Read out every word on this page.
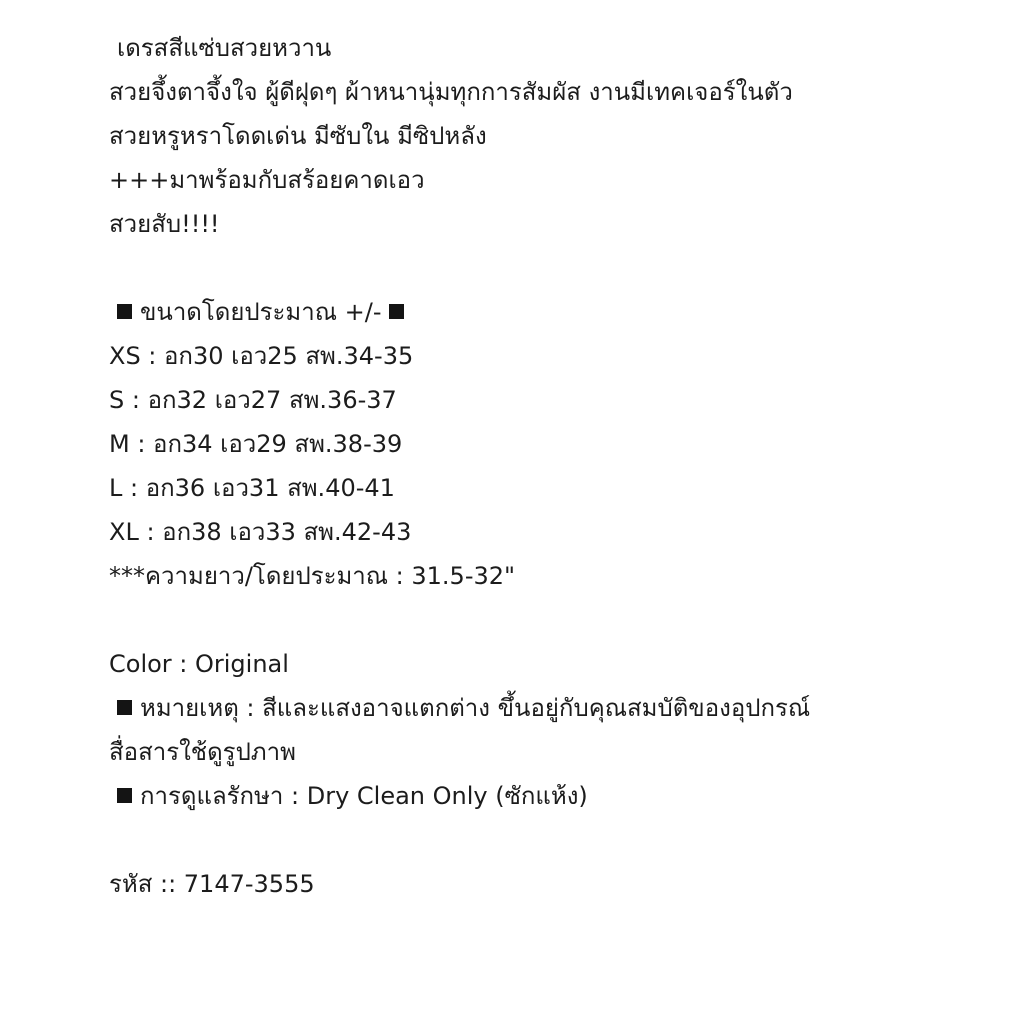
เดรสสีแซ่บสวยหวาน
สวยจึ้งตาจึ้งใจ ผู้ดีฝุดๆ ผ้าหนานุ่มทุกการสัมผัส งานมีเทคเจอร์ในตัว
สวยหรูหราโดดเด่น มีซับใน มีซิปหลัง
+++มาพร้อมกับสร้อยคาดเอว
สวยสับ!!!!
ขนาดโดยประมาณ +/-
XS : อก30 เอว25 สพ.34-35
S : อก32 เอว27 สพ.36-37
M : อก34 เอว29 สพ.38-39
L : อก36 เอว31 สพ.40-41
XL : อก38 เอว33 สพ.42-43
***ความยาว/โดยประมาณ : 31.5-32"
Color : Original
หมายเหตุ : สีและแสงอาจแตกต่าง ขึ้นอยู่กับคุณสมบัติของอุปกรณ์
สื่อสารใช้ดูรูปภาพ
การดูแลรักษา : Dry Clean Only (ซักแห้ง)
รหัส :: 7147-3555
